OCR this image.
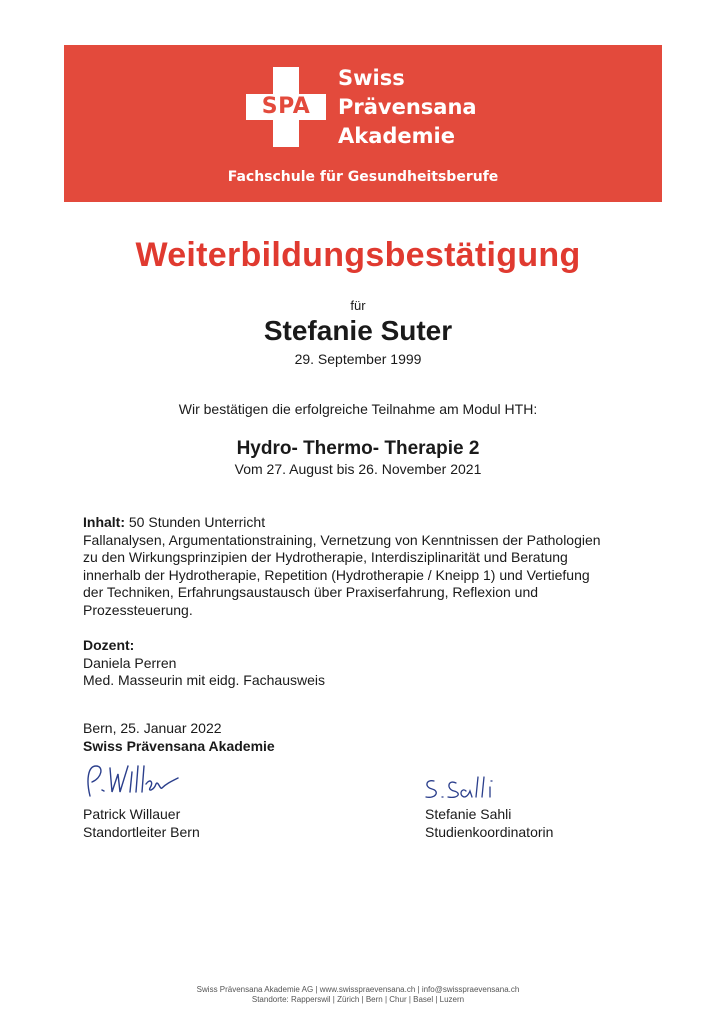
SPA
Swiss
Prävensana
Akademie
Fachschule für Gesundheitsberufe
Weiterbildungsbestätigung
für
Stefanie Suter
29. September 1999
Wir bestätigen die erfolgreiche Teilnahme am Modul HTH:
Hydro- Thermo- Therapie 2
Vom 27. August bis 26. November 2021
Inhalt: 50 Stunden Unterricht
Fallanalysen, Argumentationstraining, Vernetzung von Kenntnissen der Pathologien
zu den Wirkungsprinzipien der Hydrotherapie, Interdisziplinarität und Beratung
innerhalb der Hydrotherapie, Repetition (Hydrotherapie / Kneipp 1) und Vertiefung
der Techniken, Erfahrungsaustausch über Praxiserfahrung, Reflexion und
Prozessteuerung.
Dozent:
Daniela Perren
Med. Masseurin mit eidg. Fachausweis
Bern, 25. Januar 2022
Swiss Prävensana Akademie
Patrick Willauer
Standortleiter Bern
Stefanie Sahli
Studienkoordinatorin
Swiss Prävensana Akademie AG | www.swisspraevensana.ch | info@swisspraevensana.ch
Standorte: Rapperswil | Zürich | Bern | Chur | Basel | Luzern
